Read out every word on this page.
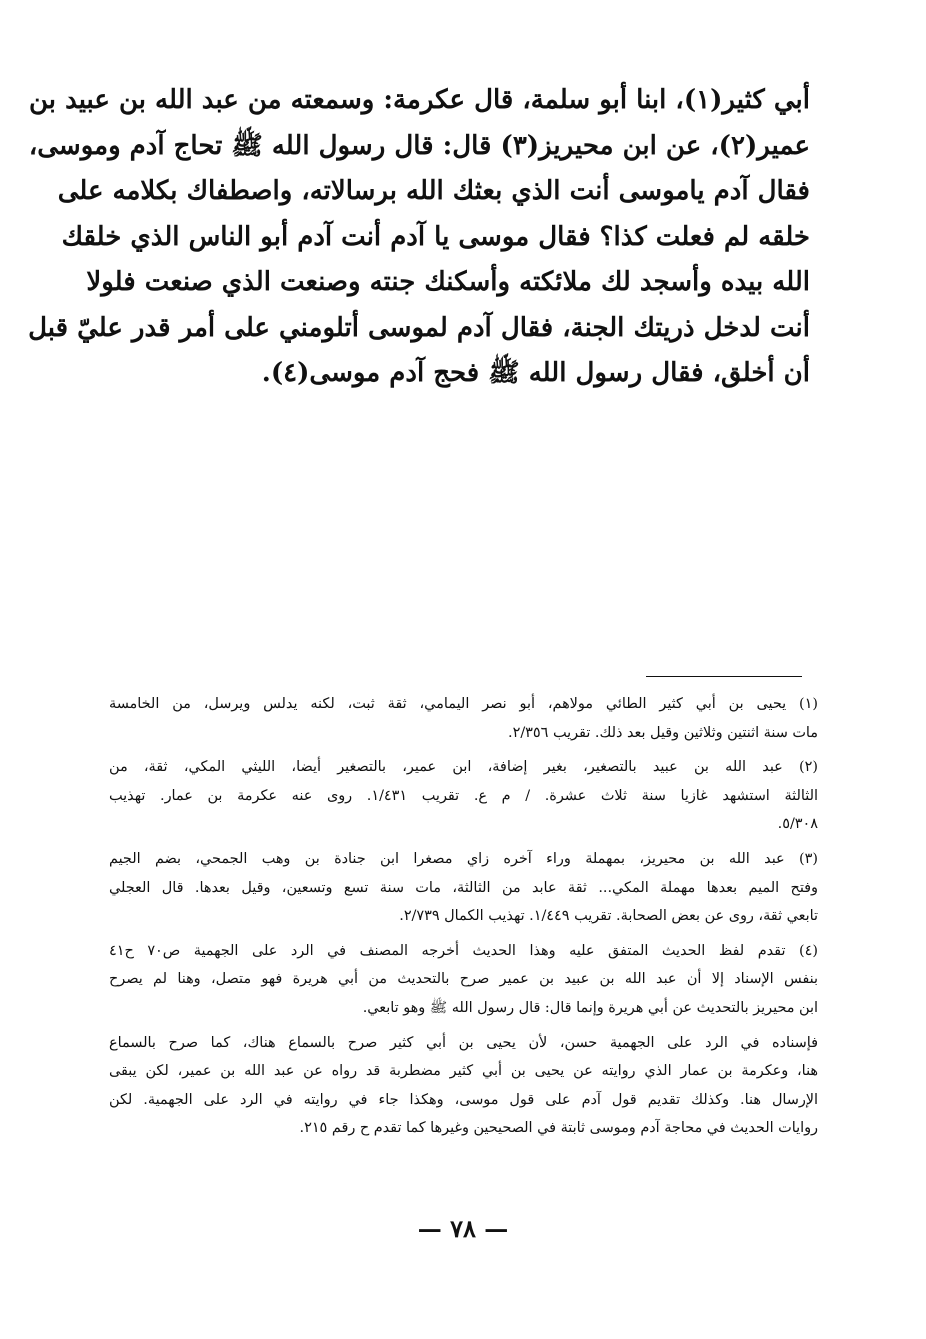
أبي كثير(١)، ابنا أبو سلمة، قال عكرمة: وسمعته من عبد الله بن عبيد بن
عمير(٢)، عن ابن محيريز(٣) قال: قال رسول الله ﷺ تحاج آدم وموسى،
فقال آدم ياموسى أنت الذي بعثك الله برسالاته، واصطفاك بكلامه على
خلقه لم فعلت كذا؟ فقال موسى يا آدم أنت آدم أبو الناس الذي خلقك
الله بيده وأسجد لك ملائكته وأسكنك جنته وصنعت الذي صنعت فلولا
أنت لدخل ذريتك الجنة، فقال آدم لموسى أتلومني على أمر قدر عليّ قبل
أن أخلق، فقال رسول الله ﷺ فحج آدم موسى(٤).
(١) يحيى بن أبي كثير الطائي مولاهم، أبو نصر اليمامي، ثقة ثبت، لكنه يدلس ويرسل، من الخامسة
مات سنة اثنتين وثلاثين وقيل بعد ذلك. تقريب ٢/٣٥٦.
(٢) عبد الله بن عبيد بالتصغير، بغير إضافة، ابن عمير، بالتصغير أيضا، الليثي المكي، ثقة، من
الثالثة استشهد غازيا سنة ثلاث عشرة. / م ع. تقريب ١/٤٣١. روى عنه عكرمة بن عمار. تهذيب
٥/٣٠٨.
(٣) عبد الله بن محيريز، بمهملة وراء آخره زاي مصغرا ابن جنادة بن وهب الجمحي، بضم الجيم
وفتح الميم بعدها مهملة المكي... ثقة عابد من الثالثة، مات سنة تسع وتسعين، وقيل بعدها. قال العجلي
تابعي ثقة، روى عن بعض الصحابة. تقريب ١/٤٤٩. تهذيب الكمال ٢/٧٣٩.
(٤) تقدم لفظ الحديث المتفق عليه وهذا الحديث أخرجه المصنف في الرد على الجهمية ص٧٠ ح٤١
بنفس الإسناد إلا أن عبد الله بن عبيد بن عمير صرح بالتحديث من أبي هريرة فهو متصل، وهنا لم يصرح
ابن محيريز بالتحديث عن أبي هريرة وإنما قال: قال رسول الله ﷺ وهو تابعي.
فإسناده في الرد على الجهمية حسن، لأن يحيى بن أبي كثير صرح بالسماع هناك، كما صرح بالسماع
هنا، وعكرمة بن عمار الذي روايته عن يحيى بن أبي كثير مضطربة قد رواه عن عبد الله بن عمير، لكن يبقى
الإرسال هنا. وكذلك تقديم قول آدم على قول موسى، وهكذا جاء في روايته في الرد على الجهمية. لكن
روايات الحديث في محاجة آدم وموسى ثابتة في الصحيحين وغيرها كما تقدم ح رقم ٢١٥.
— ٧٨ —
